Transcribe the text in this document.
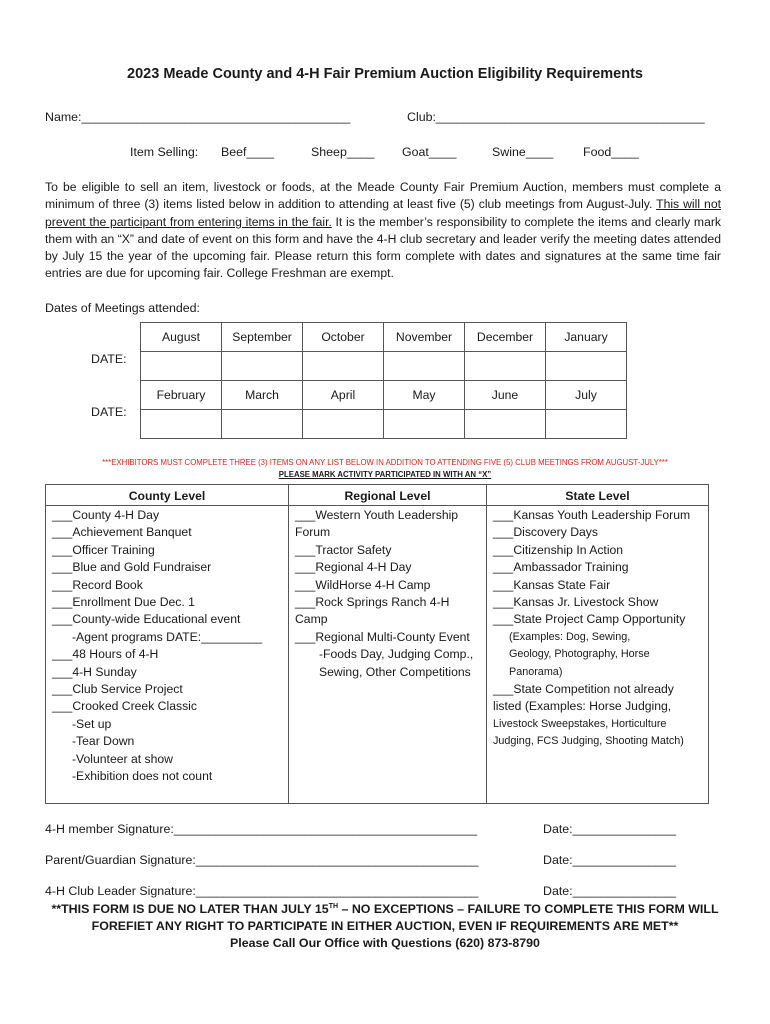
2023 Meade County and 4-H Fair Premium Auction Eligibility Requirements
Name:_______________________________________	Club:_______________________________________
Item Selling: Beef____	Sheep____ Goat____	Swine____ Food____
To be eligible to sell an item, livestock or foods, at the Meade County Fair Premium Auction, members must complete a minimum of three (3) items listed below in addition to attending at least five (5) club meetings from August-July. This will not prevent the participant from entering items in the fair. It is the member’s responsibility to complete the items and clearly mark them with an “X” and date of event on this form and have the 4-H club secretary and leader verify the meeting dates attended by July 15 the year of the upcoming fair. Please return this form complete with dates and signatures at the same time fair entries are due for upcoming fair. College Freshman are exempt.
Dates of Meetings attended:
DATE:
DATE:
August	September	October	November	December	January

February	March	April	May	June	July

***EXHIBITORS MUST COMPLETE THREE (3) ITEMS ON ANY LIST BELOW IN ADDITION TO ATTENDING FIVE (5) CLUB MEETINGS FROM AUGUST-JULY***
PLEASE MARK ACTIVITY PARTICIPATED IN WITH AN “X”
County Level
___County 4-H Day
___Achievement Banquet
___Officer Training
___Blue and Gold Fundraiser
___Record Book
___Enrollment Due Dec. 1
___County-wide Educational event
-Agent programs DATE:_________
___48 Hours of 4-H
___4-H Sunday
___Club Service Project
___Crooked Creek Classic
-Set up
-Tear Down
-Volunteer at show
-Exhibition does not count
Regional Level
___Western Youth Leadership
Forum
___Tractor Safety
___Regional 4-H Day
___WildHorse 4-H Camp
___Rock Springs Ranch 4-H
Camp
___Regional Multi-County Event
-Foods Day, Judging Comp.,
Sewing, Other Competitions
State Level
___Kansas Youth Leadership Forum
___Discovery Days
___Citizenship In Action
___Ambassador Training
___Kansas State Fair
___Kansas Jr. Livestock Show
___State Project Camp Opportunity
(Examples: Dog, Sewing,
Geology, Photography, Horse
Panorama)
___State Competition not already
listed (Examples: Horse Judging,
Livestock Sweepstakes, Horticulture
Judging, FCS Judging, Shooting Match)
4-H member Signature:____________________________________________	Date:_______________
Parent/Guardian Signature:_________________________________________	Date:_______________
4-H Club Leader Signature:_________________________________________	Date:_______________
**THIS FORM IS DUE NO LATER THAN JULY 15TH – NO EXCEPTIONS – FAILURE TO COMPLETE THIS FORM WILL
FOREFIET ANY RIGHT TO PARTICIPATE IN EITHER AUCTION, EVEN IF REQUIREMENTS ARE MET**
Please Call Our Office with Questions (620) 873-8790
